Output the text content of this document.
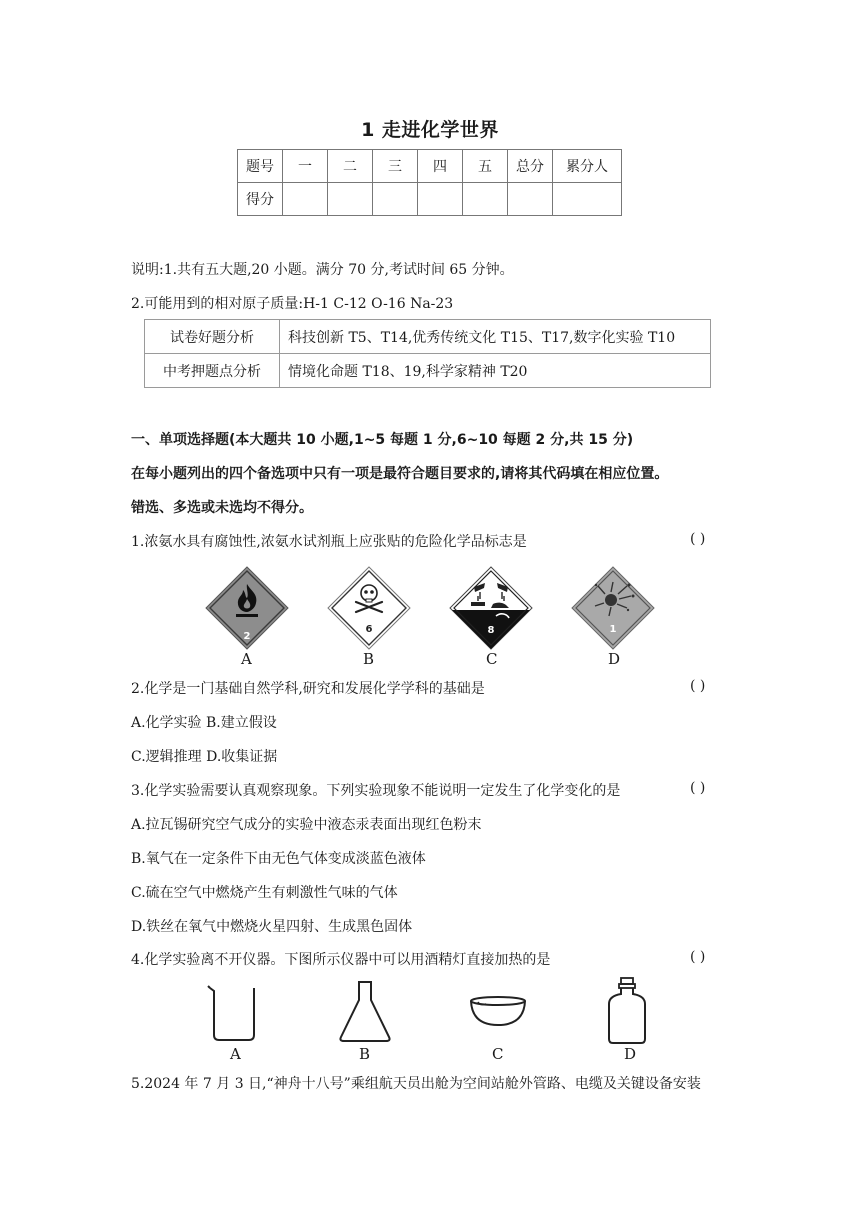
1 走进化学世界
题号	一	二	三	四	五	总分	累分人
得分							
说明:1.共有五大题,20 小题。满分 70 分,考试时间 65 分钟。
2.可能用到的相对原子质量:H-1 C-12 O-16 Na-23
试卷好题分析	科技创新 T5、T14,优秀传统文化 T15、T17,数字化实验 T10
中考押题点分析	情境化命题 T18、19,科学家精神 T20
一、单项选择题(本大题共 10 小题,1~5 每题 1 分,6~10 每题 2 分,共 15 分)
在每小题列出的四个备选项中只有一项是最符合题目要求的,请将其代码填在相应位置。
错选、多选或未选均不得分。
1.浓氨水具有腐蚀性,浓氨水试剂瓶上应张贴的危险化学品标志是	( )
2
6	8	1
A	B	C	D
2.化学是一门基础自然学科,研究和发展化学学科的基础是	( )
A.化学实验 B.建立假设
C.逻辑推理 D.收集证据
3.化学实验需要认真观察现象。下列实验现象不能说明一定发生了化学变化的是	( )
A.拉瓦锡研究空气成分的实验中液态汞表面出现红色粉末
B.氧气在一定条件下由无色气体变成淡蓝色液体
C.硫在空气中燃烧产生有刺激性气味的气体
D.铁丝在氧气中燃烧火星四射、生成黑色固体
4.化学实验离不开仪器。下图所示仪器中可以用酒精灯直接加热的是	( )
A	B	C	D
5.2024 年 7 月 3 日,“神舟十八号”乘组航天员出舱为空间站舱外管路、电缆及关键设备安装
